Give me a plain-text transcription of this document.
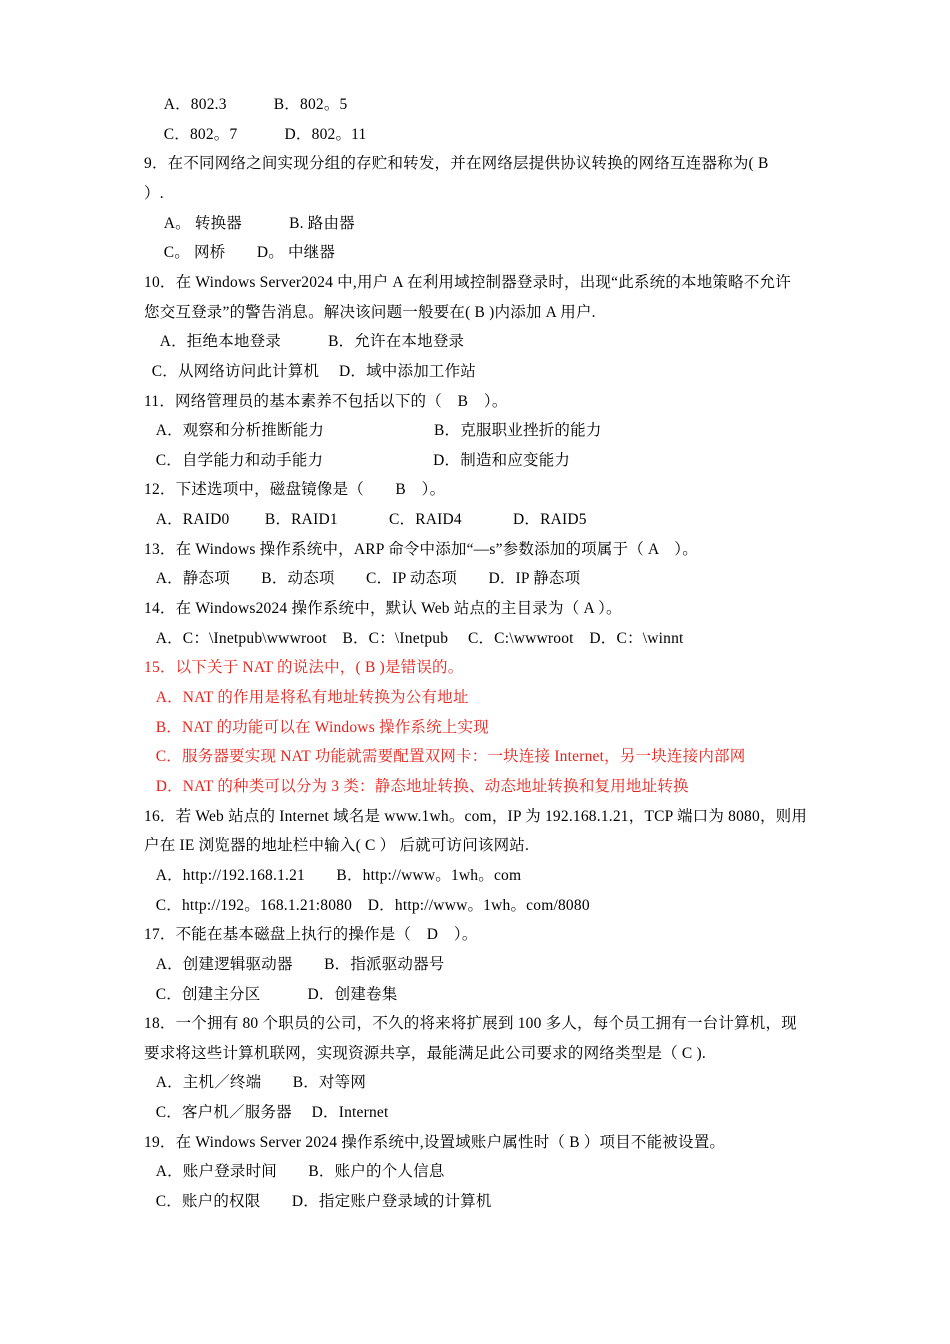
　A．802.3　　　B．802。5
　C．802。7　　　D．802。11
9．在不同网络之间实现分组的存贮和转发，并在网络层提供协议转换的网络互连器称为( B
）.
　A。 转换器　　　B. 路由器
　C。 网桥　　D。 中继器
10．在 Windows Server2024 中,用户 A 在利用域控制器登录时，出现“此系统的本地策略不允许
您交互登录”的警告消息。解决该问题一般要在( B )内添加 A 用户.
　A．拒绝本地登录　　　B．允许在本地登录
　C．从网络访问此计算机　 D．域中添加工作站
11．网络管理员的基本素养不包括以下的（　B　）。
　A．观察和分析推断能力　　　　　　　B．克服职业挫折的能力
　C．自学能力和动手能力　　　　　　　D．制造和应变能力
12．下述选项中，磁盘镜像是（　　B　）。
　A．RAID0　　 B．RAID1　　　 C．RAID4　　　 D．RAID5
13．在 Windows 操作系统中，ARP 命令中添加“—s”参数添加的项属于（ A　）。
　A．静态项　　B．动态项　　C．IP 动态项　　D．IP 静态项
14．在 Windows2024 操作系统中，默认 Web 站点的主目录为（ A ）。
　A．C：\Inetpub\wwwroot　B．C：\Inetpub　 C．C:\wwwroot　D．C：\winnt
15．以下关于 NAT 的说法中，( B )是错误的。
　A．NAT 的作用是将私有地址转换为公有地址
　B．NAT 的功能可以在 Windows 操作系统上实现
　C．服务器要实现 NAT 功能就需要配置双网卡：一块连接 Internet，另一块连接内部网
　D．NAT 的种类可以分为 3 类：静态地址转换、动态地址转换和复用地址转换
16．若 Web 站点的 Internet 域名是 www.1wh。com，IP 为 192.168.1.21，TCP 端口为 8080，则用
户在 IE 浏览器的地址栏中输入( C ） 后就可访问该网站.
　A．http://192.168.1.21　　B．http://www。1wh。com
　C．http://192。168.1.21:8080　D．http://www。1wh。com/8080
17．不能在基本磁盘上执行的操作是（　D　）。
　A．创建逻辑驱动器　　B．指派驱动器号
　C．创建主分区　　　D．创建卷集
18．一个拥有 80 个职员的公司，不久的将来将扩展到 100 多人，每个员工拥有一台计算机，现
要求将这些计算机联网，实现资源共享，最能满足此公司要求的网络类型是（ C ).
　A．主机／终端　　B．对等网
　C．客户机／服务器　 D．Internet
19．在 Windows Server 2024 操作系统中,设置域账户属性时（ B ）项目不能被设置。
　A．账户登录时间　　B．账户的个人信息
　C．账户的权限　　D．指定账户登录域的计算机
